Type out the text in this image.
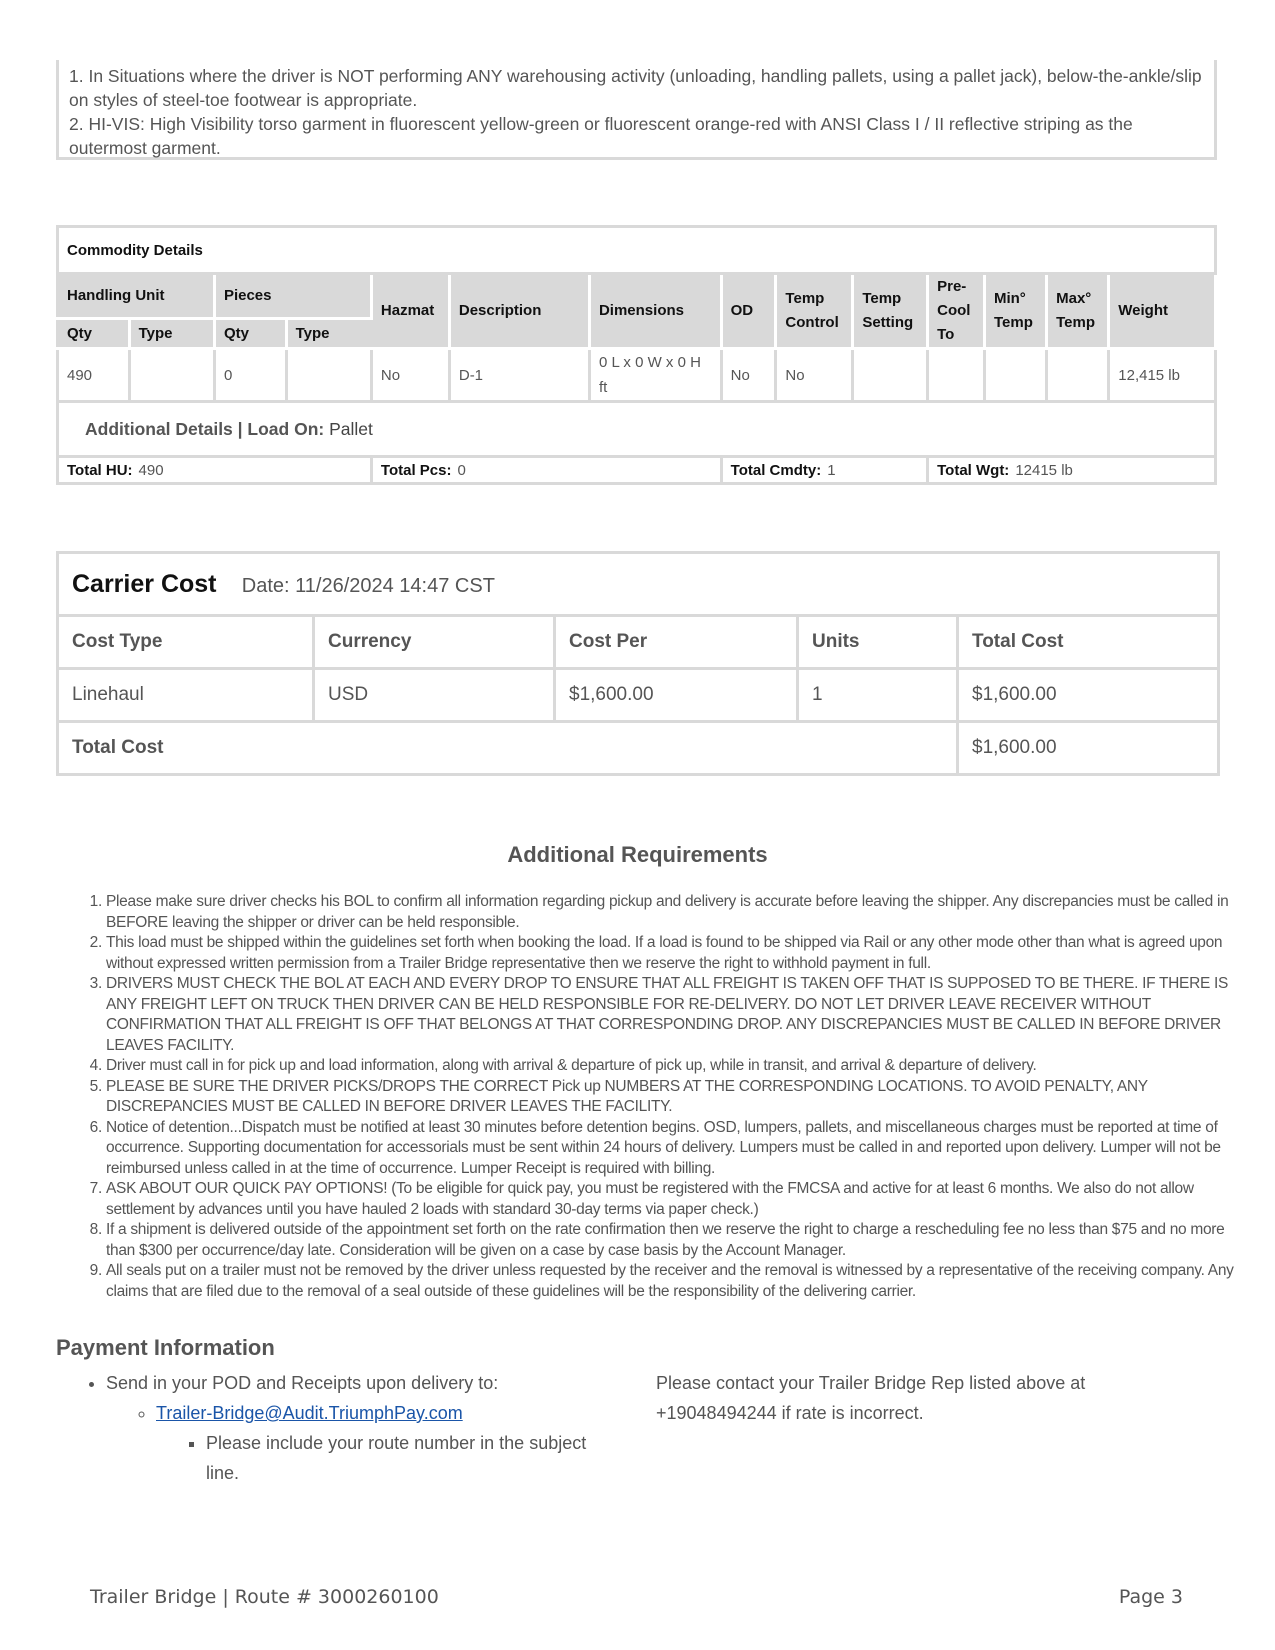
1. In Situations where the driver is NOT performing ANY warehousing activity (unloading, handling pallets, using a pallet jack), below-the-ankle/slip on styles of steel-toe footwear is appropriate.

2. HI-VIS: High Visibility torso garment in fluorescent yellow-green or fluorescent orange-red with ANSI Class I / II reflective striping as the outermost garment.

Commodity Details													
Handling Unit		Pieces		Hazmat	Description	Dimensions	OD	Temp Control	Temp Setting	Pre-Cool To	Min° Temp	Max° Temp	Weight
Qty	Type	Qty	Type										
490		0		No	D-1	0 L x 0 W x 0 H ft	No	No					12,415 lb
Additional Details | Load On: Pallet													
Total HU: 490				Total Pcs: 0			Total Cmdty: 1			Total Wgt: 12415 lb			
Carrier Cost Date: 11/26/2024 14:47 CST				
Cost Type	Currency	Cost Per	Units	Total Cost
Linehaul	USD	$1,600.00	1	$1,600.00
Total Cost				$1,600.00
Additional Requirements
1. Please make sure driver checks his BOL to confirm all information regarding pickup and delivery is accurate before leaving the shipper. Any discrepancies must be called in BEFORE leaving the shipper or driver can be held responsible.
2. This load must be shipped within the guidelines set forth when booking the load. If a load is found to be shipped via Rail or any other mode other than what is agreed upon without expressed written permission from a Trailer Bridge representative then we reserve the right to withhold payment in full.
3. DRIVERS MUST CHECK THE BOL AT EACH AND EVERY DROP TO ENSURE THAT ALL FREIGHT IS TAKEN OFF THAT IS SUPPOSED TO BE THERE. IF THERE IS ANY FREIGHT LEFT ON TRUCK THEN DRIVER CAN BE HELD RESPONSIBLE FOR RE-DELIVERY. DO NOT LET DRIVER LEAVE RECEIVER WITHOUT CONFIRMATION THAT ALL FREIGHT IS OFF THAT BELONGS AT THAT CORRESPONDING DROP. ANY DISCREPANCIES MUST BE CALLED IN BEFORE DRIVER LEAVES FACILITY.
4. Driver must call in for pick up and load information, along with arrival & departure of pick up, while in transit, and arrival & departure of delivery.
5. PLEASE BE SURE THE DRIVER PICKS/DROPS THE CORRECT Pick up NUMBERS AT THE CORRESPONDING LOCATIONS. TO AVOID PENALTY, ANY DISCREPANCIES MUST BE CALLED IN BEFORE DRIVER LEAVES THE FACILITY.
6. Notice of detention...Dispatch must be notified at least 30 minutes before detention begins. OSD, lumpers, pallets, and miscellaneous charges must be reported at time of occurrence. Supporting documentation for accessorials must be sent within 24 hours of delivery. Lumpers must be called in and reported upon delivery. Lumper will not be reimbursed unless called in at the time of occurrence. Lumper Receipt is required with billing.
7. ASK ABOUT OUR QUICK PAY OPTIONS! (To be eligible for quick pay, you must be registered with the FMCSA and active for at least 6 months. We also do not allow settlement by advances until you have hauled 2 loads with standard 30-day terms via paper check.)
8. If a shipment is delivered outside of the appointment set forth on the rate confirmation then we reserve the right to charge a rescheduling fee no less than $75 and no more than $300 per occurrence/day late. Consideration will be given on a case by case basis by the Account Manager.
9. All seals put on a trailer must not be removed by the driver unless requested by the receiver and the removal is witnessed by a representative of the receiving company. Any claims that are filed due to the removal of a seal outside of these guidelines will be the responsibility of the delivering carrier.
Payment Information
• Send in your POD and Receipts upon delivery to:
◦ Trailer-Bridge@Audit.TriumphPay.com
▪ Please include your route number in the subject line.
Please contact your Trailer Bridge Rep listed above at +19048494244 if rate is incorrect.
Trailer Bridge | Route # 3000260100	Page 3
